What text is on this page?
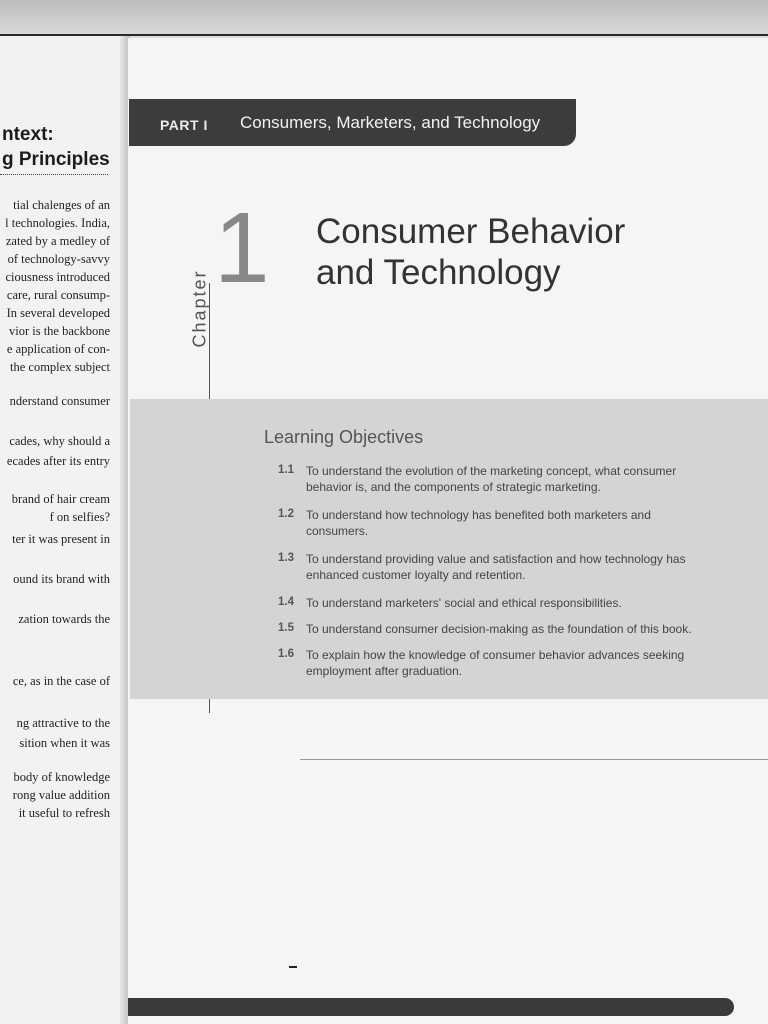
ntext:
g Principles
tial chalenges of an
l technologies. India,
zated by a medley of
of technology-savvy
ciousness introduced
care, rural consump-
In several developed
vior is the backbone
e application of con-
the complex subject
nderstand consumer
cades, why should a
ecades after its entry
brand of hair cream
f on selfies?
ter it was present in
ound its brand with
zation towards the
ce, as in the case of
ng attractive to the
sition when it was
body of knowledge
rong value addition
it useful to refresh
PART I Consumers, Marketers, and Technology
1
Chapter
Consumer Behavior
and Technology
Learning Objectives
1.1 To understand the evolution of the marketing concept, what consumer
behavior is, and the components of strategic marketing.
1.2 To understand how technology has benefited both marketers and
consumers.
1.3 To understand providing value and satisfaction and how technology has
enhanced customer loyalty and retention.
1.4 To understand marketers' social and ethical responsibilities.
1.5 To understand consumer decision-making as the foundation of this book.
1.6 To explain how the knowledge of consumer behavior advances seeking
employment after graduation.
